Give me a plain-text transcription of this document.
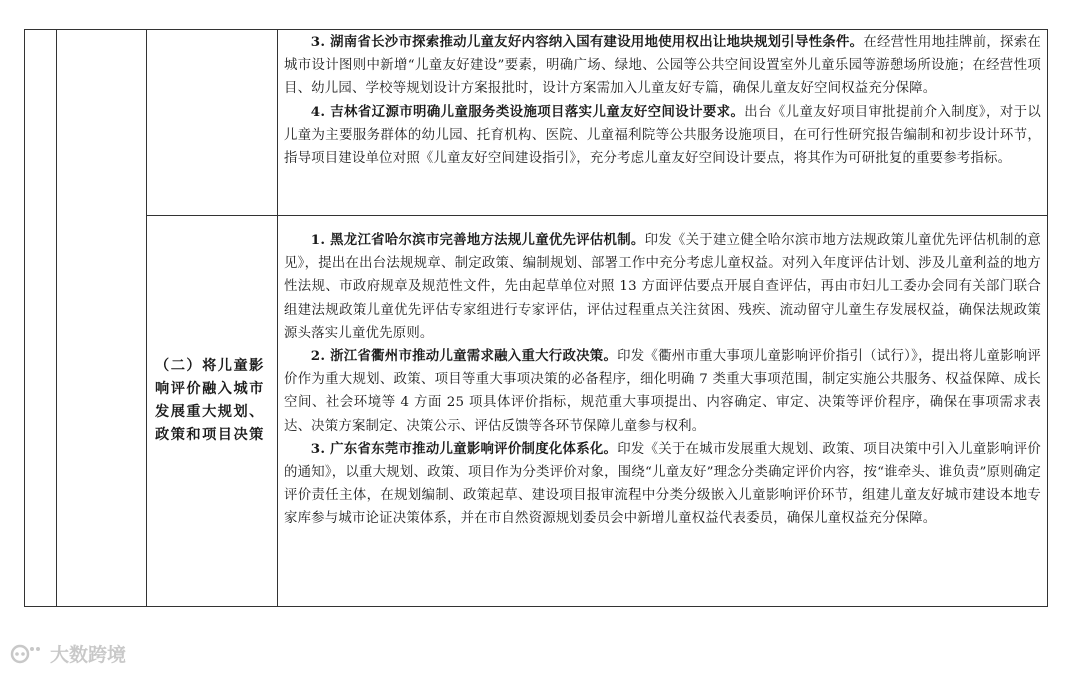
3. 湖南省长沙市探索推动儿童友好内容纳入国有建设用地使用权出让地块规划引导性条件。在经营性用地挂牌前，探索在城市设计图则中新增“儿童友好建设”要素，明确广场、绿地、公园等公共空间设置室外儿童乐园等游憩场所设施；在经营性项目、幼儿园、学校等规划设计方案报批时，设计方案需加入儿童友好专篇，确保儿童友好空间权益充分保障。

4. 吉林省辽源市明确儿童服务类设施项目落实儿童友好空间设计要求。出台《儿童友好项目审批提前介入制度》，对于以儿童为主要服务群体的幼儿园、托育机构、医院、儿童福利院等公共服务设施项目，在可行性研究报告编制和初步设计环节，指导项目建设单位对照《儿童友好空间建设指引》，充分考虑儿童友好空间设计要点，将其作为可研批复的重要参考指标。

（二）将儿童影响评价融入城市发展重大规划、政策和项目决策

1. 黑龙江省哈尔滨市完善地方法规儿童优先评估机制。印发《关于建立健全哈尔滨市地方法规政策儿童优先评估机制的意见》，提出在出台法规规章、制定政策、编制规划、部署工作中充分考虑儿童权益。对列入年度评估计划、涉及儿童利益的地方性法规、市政府规章及规范性文件，先由起草单位对照 13 方面评估要点开展自查评估，再由市妇儿工委办会同有关部门联合组建法规政策儿童优先评估专家组进行专家评估，评估过程重点关注贫困、残疾、流动留守儿童生存发展权益，确保法规政策源头落实儿童优先原则。

2. 浙江省衢州市推动儿童需求融入重大行政决策。印发《衢州市重大事项儿童影响评价指引（试行）》，提出将儿童影响评价作为重大规划、政策、项目等重大事项决策的必备程序，细化明确 7 类重大事项范围，制定实施公共服务、权益保障、成长空间、社会环境等 4 方面 25 项具体评价指标，规范重大事项提出、内容确定、审定、决策等评价程序，确保在事项需求表达、决策方案制定、决策公示、评估反馈等各环节保障儿童参与权利。

3. 广东省东莞市推动儿童影响评价制度化体系化。印发《关于在城市发展重大规划、政策、项目决策中引入儿童影响评价的通知》，以重大规划、政策、项目作为分类评价对象，围绕“儿童友好”理念分类确定评价内容，按“谁牵头、谁负责”原则确定评价责任主体，在规划编制、政策起草、建设项目报审流程中分类分级嵌入儿童影响评价环节，组建儿童友好城市建设本地专家库参与城市论证决策体系，并在市自然资源规划委员会中新增儿童权益代表委员，确保儿童权益充分保障。

大数跨境
